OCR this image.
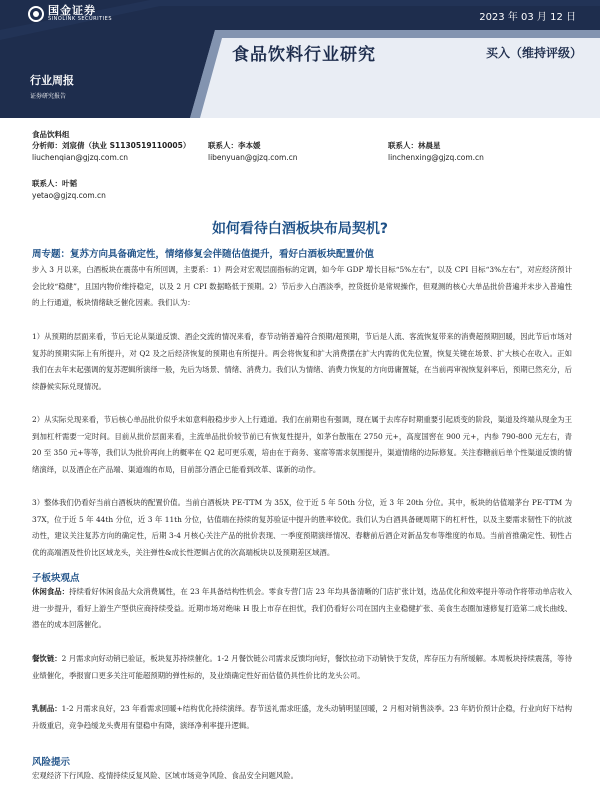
国金证券
SINOLINK SECURITIES	2023 年 03 月 12 日
食品饮料行业研究	买入（维持评级）
行业周报
证券研究报告
食品饮料组
分析师：刘宸倩（执业 S1130519110005）
liuchenqian@gjzq.com.cn
联系人：李本媛
libenyuan@gjzq.com.cn
联系人：林晨星
linchenxing@gjzq.com.cn
联系人：叶韬
yetao@gjzq.com.cn
如何看待白酒板块布局契机?
周专题：复苏方向具备确定性，情绪修复会伴随估值提升，看好白酒板块配置价值

步入 3 月以来，白酒板块在震荡中有所回调，主要系：1）两会对宏观层面指标的定调，如今年 GDP 增长目标“5%左右”，以及 CPI 目标“3%左右”，对应经济预计会比较“稳健”，且国内物价维持稳定，以及 2 月 CPI 数据略低于预期。2）节后步入白酒淡季，控货挺价是常规操作，但观测的核心大单品批价普遍并未步入普遍性的上行通道，板块情绪缺乏催化因素。我们认为：

1）从预期的层面来看，节后无论从渠道反馈、酒企交流的情况来看，春节动销普遍符合预期/超预期，节后是人流、客流恢复带来的消费超预期回暖，因此节后市场对复苏的预期实际上有所提升，对 Q2 及之后经济恢复的预期也有所提升。两会将恢复和扩大消费摆在扩大内需的优先位置，恢复关键在场景、扩大核心在收入。正如我们在去年末起强调的复苏逻辑所演绎一般，先后为场景、情绪、消费力。我们认为情绪、消费力恢复的方向毋庸置疑，在当前再审视恢复斜率后，预期已然充分，后续静候实际兑现情况。

2）从实际兑现来看，节后核心单品批价似乎未如意料般稳步步入上行通道。我们在前期也有强调，现在属于去库存时期重要引起质变的阶段，渠道及终端从现金为王到加杠杆需要一定时间。目前从批价层面来看，主流单品批价较节前已有恢复性提升，如茅台散瓶在 2750 元+，高度国窖在 900 元+，内参 790-800 元左右，青 20 至 350 元+等等，我们认为批价再向上的概率在 Q2 起可更乐观，培由在于商务、宴席等需求氛围提升，渠道情绪的边际修复。关注春糖前后单个性渠道反馈的情绪演绎，以及酒企在产品端、渠道端的布局，目前部分酒企已能看到改革、谋新的动作。

3）整体我们仍看好当前白酒板块的配置价值。当前白酒板块 PE-TTM 为 35X，位于近 5 年 50th 分位，近 3 年 20th 分位。其中，板块的估值端茅台 PE-TTM 为 37X，位于近 5 年 44th 分位，近 3 年 11th 分位，估值端在持续的复苏验证中提升的胜率较优。我们认为白酒具备硬周期下的杠杆性，以及主要需求韧性下的抗波动性，建议关注复苏方向的确定性，后期 3-4 月核心关注产品的批价表现、一季度预期演绎情况、春糖前后酒企对新品发布等维度的布局。当前首推确定性、韧性占优的高端酒及性价比区域龙头，关注弹性&成长性逻辑占优的次高端板块以及预期差区域酒。

子板块观点

休闲食品：持续看好休闲食品大众消费属性，在 23 年具备结构性机会。零食专营门店 23 年均具备清晰的门店扩张计划，选品优化和效率提升等动作将带动单店收入进一步提升，看好上游生产型供应商持续受益。近期市场对绝味 H 股上市存在担忧，我们仍看好公司在国内主业稳健扩张、美食生态圈加速修复打造第二成长曲线、潜在的成本回落催化。

餐饮链：2 月需求向好动销已验证，板块复苏持续催化。1-2 月餐饮链公司需求反馈均向好，餐饮拉动下动销快于发货，库存压力有所缓解。本周板块持续震荡，等待业绩催化，季报窗口更多关注可能超预期的弹性标的，及业绩确定性好而估值仍具性价比的龙头公司。

乳制品：1-2 月需求良好，23 年看需求回暖+结构优化持续演绎。春节送礼需求旺盛，龙头动销明显回暖，2 月相对销售淡季。23 年奶价预计企稳，行业向好下结构升级重启，竞争趋缓龙头费用有望稳中有降，演绎净利率提升逻辑。

风险提示

宏观经济下行风险、疫情持续反复风险、区域市场竞争风险、食品安全问题风险。
